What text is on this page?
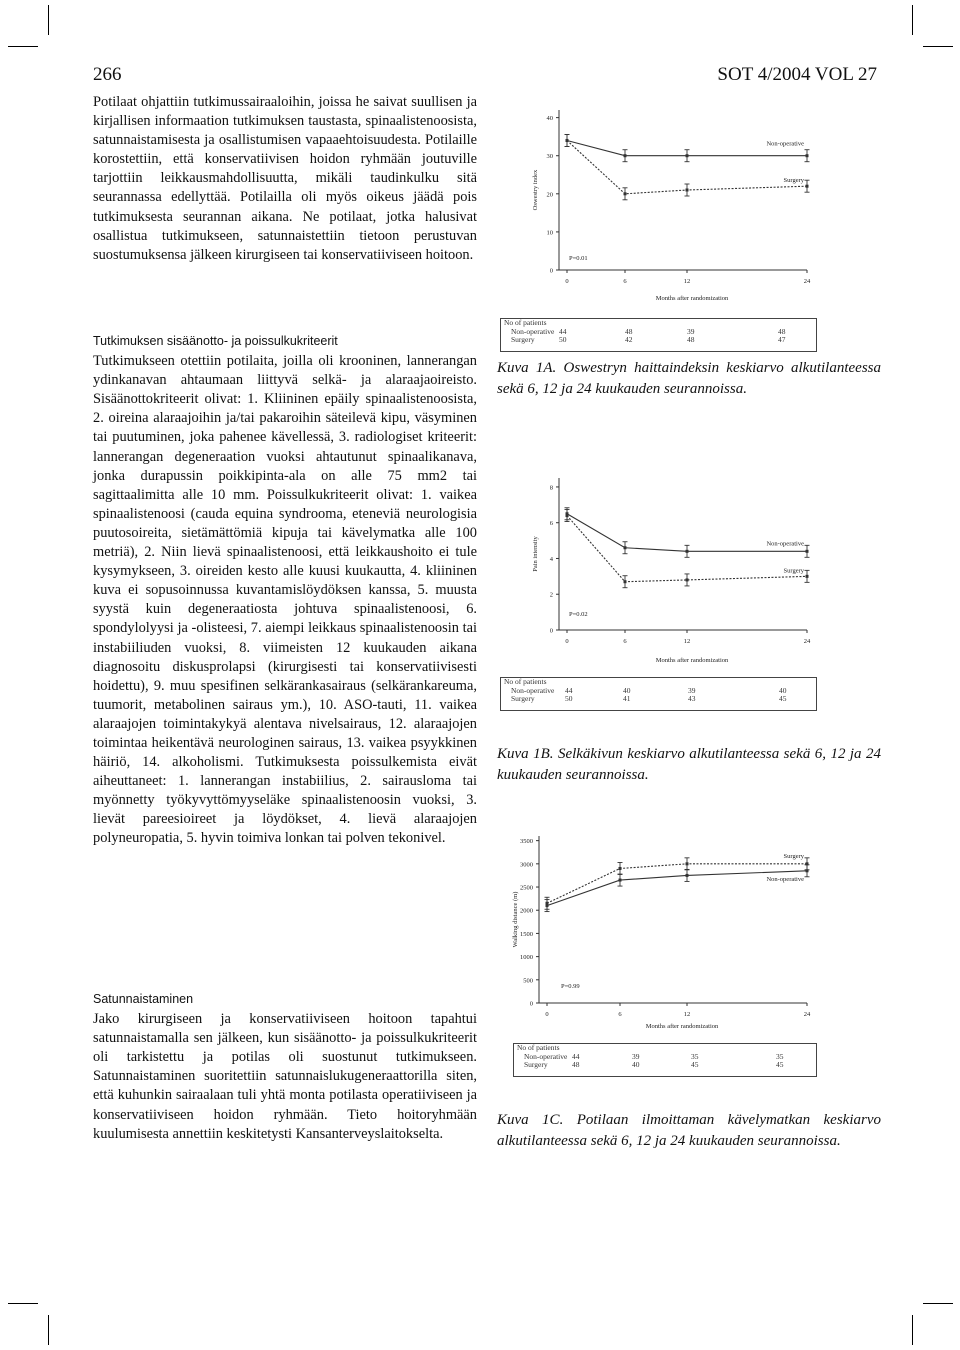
266	SOT 4/2004 VOL 27

Potilaat ohjattiin tutkimussairaaloihin, joissa he saivat suullisen ja kirjallisen informaation tutkimuksen taustasta, spinaalistenoosista, satunnaistamisesta ja osallistumisen vapaaehtoisuudesta. Potilaille korostettiin, että konservatiivisen hoidon ryhmään joutuville tarjottiin leikkausmahdollisuutta, mikäli taudinkulku sitä seurannassa edellyttää. Potilailla oli myös oikeus jäädä pois tutkimuksesta seurannan aikana. Ne potilaat, jotka halusivat osallistua tutkimukseen, satunnaistettiin tietoon perustuvan suostumuksensa jälkeen kirurgiseen tai konservatiiviseen hoitoon.

Tutkimuksen sisäänotto- ja poissulkukriteerit

Tutkimukseen otettiin potilaita, joilla oli krooninen, lannerangan ydinkanavan ahtaumaan liittyvä selkä- ja alaraajaoireisto. Sisäänottokriteerit olivat: 1. Kliininen epäily spinaalistenoosista, 2. oireina alaraajoihin ja/tai pakaroihin säteilevä kipu, väsyminen tai puutuminen, joka pahenee kävellessä, 3. radiologiset kriteerit: lannerangan degeneraation vuoksi ahtautunut spinaalikanava, jonka durapussin poikkipinta-ala on alle 75 mm2 tai sagittaalimitta alle 10 mm. Poissulkukriteerit olivat: 1. vaikea spinaalistenoosi (cauda equina syndrooma, eteneviä neurologisia puutosoireita, sietämättömiä kipuja tai kävelymatka alle 100 metriä), 2. Niin lievä spinaalistenoosi, että leikkaushoito ei tule kysymykseen, 3. oireiden kesto alle kuusi kuukautta, 4. kliininen kuva ei sopusoinnussa kuvantamislöydöksen kanssa, 5. muusta syystä kuin degeneraatiosta johtuva spinaalistenoosi, 6. spondylolyysi ja -olisteesi, 7. aiempi leikkaus spinaalistenoosin tai instabiiliuden vuoksi, 8. viimeisten 12 kuukauden aikana diagnosoitu diskusprolapsi (kirurgisesti tai konservatiivisesti hoidettu), 9. muu spesifinen selkärankasairaus (selkärankareuma, tuumorit, metabolinen sairaus ym.), 10. ASO-tauti, 11. vaikea alaraajojen toimintakykyä alentava nivelsairaus, 12. alaraajojen toimintaa heikentävä neurologinen sairaus, 13. vaikea psyykkinen häiriö, 14. alkoholismi. Tutkimuksesta poissulkemista eivät aiheuttaneet: 1. lannerangan instabiilius, 2. sairausloma tai myönnetty työkyvyttömyyseläke spinaalistenoosin vuoksi, 3. lievät pareesioireet ja löydökset, 4. lievä alaraajojen polyneuropatia, 5. hyvin toimiva lonkan tai polven tekonivel.

Satunnaistaminen

Jako kirurgiseen ja konservatiiviseen hoitoon tapahtui satunnaistamalla sen jälkeen, kun sisäänotto- ja poissulkukriteerit oli tarkistettu ja potilas oli suostunut tutkimukseen. Satunnaistaminen suoritettiin satunnaislukugeneraattorilla siten, että kuhunkin sairaalaan tuli yhtä monta potilasta operatiiviseen ja konservatiiviseen hoidon ryhmään. Tieto hoitoryhmään kuulumisesta annettiin keskitetysti Kansanterveyslaitokselta.

0
10
20
30
40
0	6	12	24
Oswestry index
Months after randomization
P=0.01
Non-operative
Surgery
No of patients
Non-operative 44	48	39	48
Surgery	50	42	48	47
Kuva 1A. Oswestryn haittaindeksin keskiarvo alkutilanteessa sekä 6, 12 ja 24 kuukauden seurannoissa.
0
2
4
6
8
0	6	12	24
Pain intensity
Months after randomization
P=0.02
Non-operative
Surgery
No of patients
Non-operative 44	40	39	40
Surgery	50	41	43	45
Kuva 1B. Selkäkivun keskiarvo alkutilanteessa sekä 6, 12 ja 24 kuukauden seurannoissa.
0
500
1000
1500
2000
2500
3000
3500
0	6	12	24
Walking distance (m)
Months after randomization
P=0.99
Surgery
Non-operative
No of patients
Non-operative 44	39	35	35
Surgery	48	40	45	45
Kuva 1C. Potilaan ilmoittaman kävelymatkan keskiarvo alkutilanteessa sekä 6, 12 ja 24 kuukauden seurannoissa.
